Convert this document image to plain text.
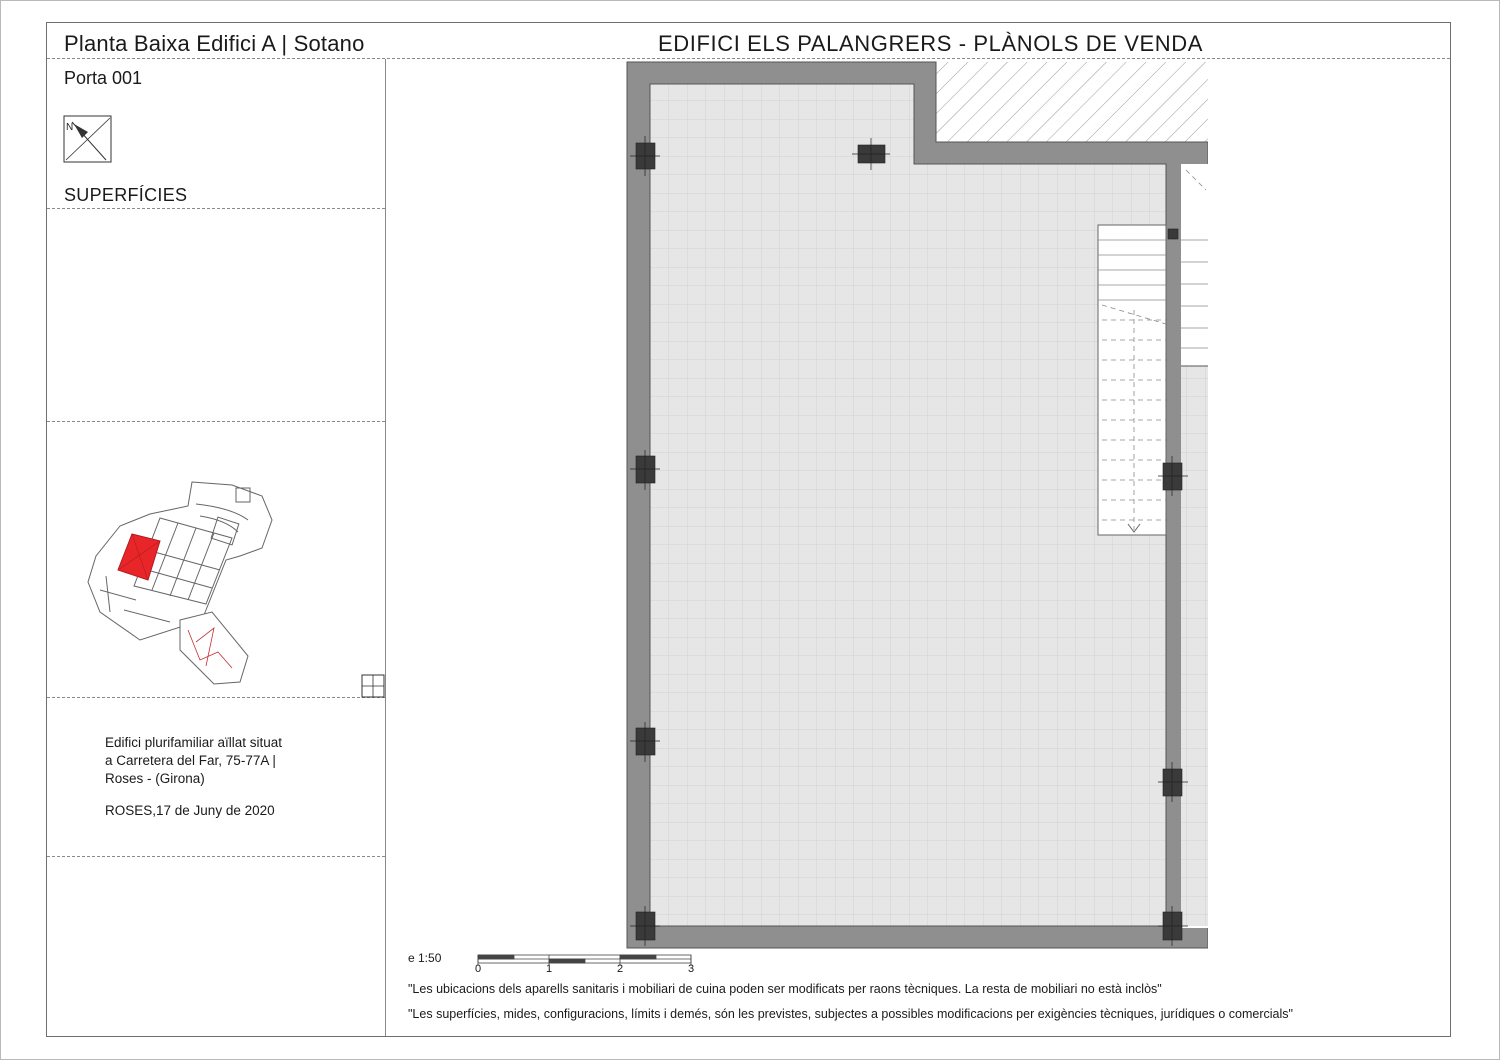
Planta Baixa Edifici A | Sotano	EDIFICI ELS PALANGRERS - PLÀNOLS DE VENDA
Porta 001
SUPERFÍCIES
Edifici plurifamiliar aïllat situat
a Carretera del Far, 75-77A |
Roses - (Girona)
ROSES,17 de Juny de 2020
e 1:50
0	1	2	3
"Les ubicacions dels aparells sanitaris i mobiliari de cuina poden ser modificats per raons tècniques. La resta de mobiliari no està inclòs"
"Les superfícies, mides, configuracions, límits i demés, són les previstes, subjectes a possibles modificacions per exigències tècniques, jurídiques o comercials"
N
